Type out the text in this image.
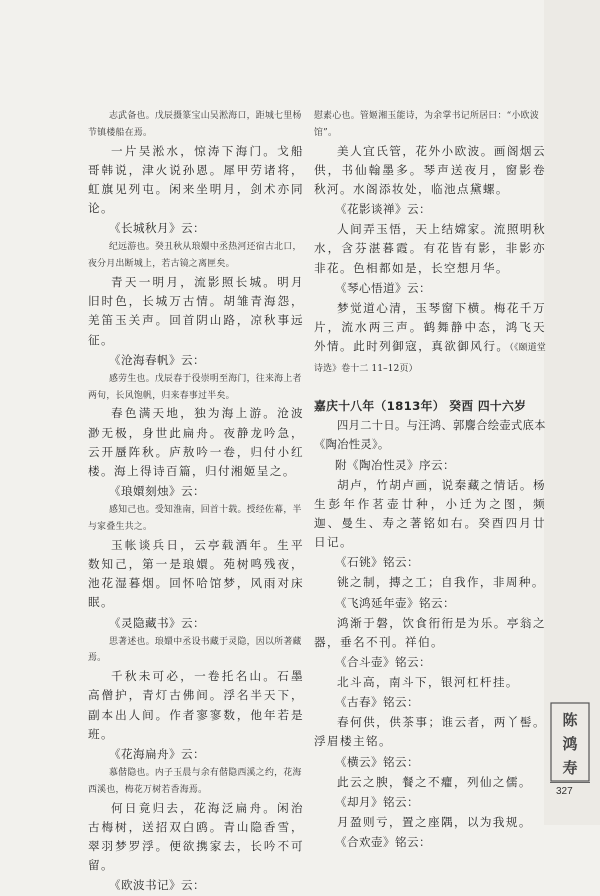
志武备也。戊辰摄篆宝山吴淞海口，距城七里杨节镇楼船在焉。

一片吴淞水，惊涛下海门。戈船哥韩说，津火说孙恩。犀甲劳诸将，虹旗见列屯。闲来坐明月，剑术亦同论。

《长城秋月》云：

纪远游也。癸丑秋从琅嬛中丞热河还宿古北口，夜分月出断城上，若古镜之离匣矣。

青天一明月，流影照长城。明月旧时色，长城万古情。胡雏青海怨，羌笛玉关声。回首阴山路，凉秋事远征。

《沧海春帆》云：

感劳生也。戊辰春于役崇明至海门，往来海上者两旬，长风饱帆，归来春事过半矣。

春色满天地，独为海上游。沧波渺无极，身世此扁舟。夜静龙吟急，云开蜃阵秋。庐敖吟一卷，归付小红楼。海上得诗百篇，归付湘姬呈之。

《琅嬛刻烛》云：

感知己也。受知淮南，回首十载。授经佐幕，半与家叠生共之。

玉帐谈兵日，云亭载酒年。生平数知己，第一是琅嬛。苑树鸣残夜，池花湿暮烟。回怀哈馆梦，风雨对床眠。

《灵隐藏书》云：

思著述也。琅嬛中丞设书藏于灵隐，因以所著藏焉。

千秋未可必，一卷托名山。石墨高僧护，青灯古佛间。浮名半天下，副本出人间。作者寥寥数，他年若是班。

《花海扁舟》云：

慕偕隐也。内子玉晨与余有偕隐西溪之约，花海西溪也，梅花万树若香海焉。

何日竟归去，花海泛扁舟。闲治古梅树，送招双白鸥。青山隐香雪，翠羽梦罗浮。便欲携家去，长吟不可留。

《欧波书记》云：

慰素心也。管姬湘玉能诗，为余掌书记所居曰：“小欧波馆”。

美人宜氏管，花外小欧波。画阁烟云供，书仙翰墨多。琴声送夜月，窗影卷秋河。水阁添妆处，临池点黛螺。

《花影谈禅》云：

人间弄玉悟，天上结嫦家。流照明秋水，含芬湛暮霞。有花皆有影，非影亦非花。色相都如是，长空想月华。

《琴心悟道》云：

梦觉道心清，玉琴窗下横。梅花千万片，流水两三声。鹤舞静中态，鸿飞天外情。此时列御寇，真欲御风行。（《颐道堂诗选》卷十二 11–12页）

嘉庆十八年（1813年） 癸酉 四十六岁

四月二十日。与汪鸿、郭麐合绘壶式底本《陶冶性灵》。

附《陶冶性灵》序云：

胡卢，竹胡卢画，说秦藏之情话。杨生彭年作茗壶廿种，小迁为之图，频迦、曼生、寿之著铭如右。癸酉四月廿日记。

《石铫》铭云：

铫之制，摶之工；自我作，非周种。

《飞鸿延年壶》铭云：

鸿渐于磐，饮食衎衎是为乐。亭翁之器，垂名不刊。祥伯。

《合斗壶》铭云：

北斗高，南斗下，银河杠杆挂。

《古春》铭云：

春何供，供茶事；谁云者，两丫髻。浮眉楼主铭。

《横云》铭云：

此云之腴，餐之不癯，列仙之儒。

《却月》铭云：

月盈则亏，置之座隅，以为我规。

《合欢壶》铭云：

陈
鸿
寿
327
